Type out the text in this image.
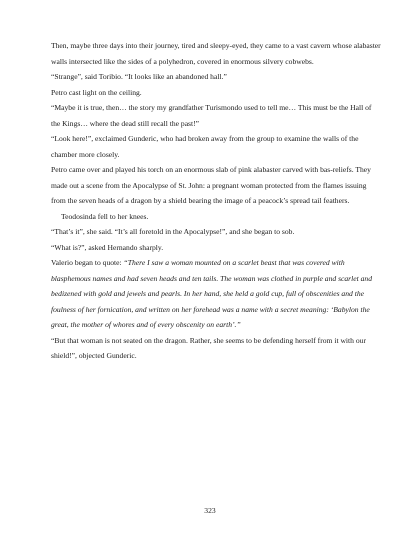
Then, maybe three days into their journey, tired and sleepy-eyed, they came to a vast cavern whose alabaster walls intersected like the sides of a polyhedron, covered in enormous silvery cobwebs.

“Strange”, said Toribio. “It looks like an abandoned hall.”

Petro cast light on the ceiling.

“Maybe it is true, then… the story my grandfather Turismondo used to tell me… This must be the Hall of the Kings… where the dead still recall the past!”

“Look here!”, exclaimed Gunderic, who had broken away from the group to examine the walls of the chamber more closely.

Petro came over and played his torch on an enormous slab of pink alabaster carved with bas-reliefs. They made out a scene from the Apocalypse of St. John: a pregnant woman protected from the flames issuing from the seven heads of a dragon by a shield bearing the image of a peacock’s spread tail feathers.

Teodosinda fell to her knees.

“That’s it”, she said. “It’s all foretold in the Apocalypse!”, and she began to sob.

“What is?”, asked Hernando sharply.

Valerio began to quote: “There I saw a woman mounted on a scarlet beast that was covered with blasphemous names and had seven heads and ten tails. The woman was clothed in purple and scarlet and bedizened with gold and jewels and pearls. In her hand, she held a gold cup, full of obscenities and the foulness of her fornication, and written on her forehead was a name with a secret meaning: ‘Babylon the great, the mother of whores and of every obscenity on earth’.”

“But that woman is not seated on the dragon. Rather, she seems to be defending herself from it with our shield!”, objected Gunderic.

323
